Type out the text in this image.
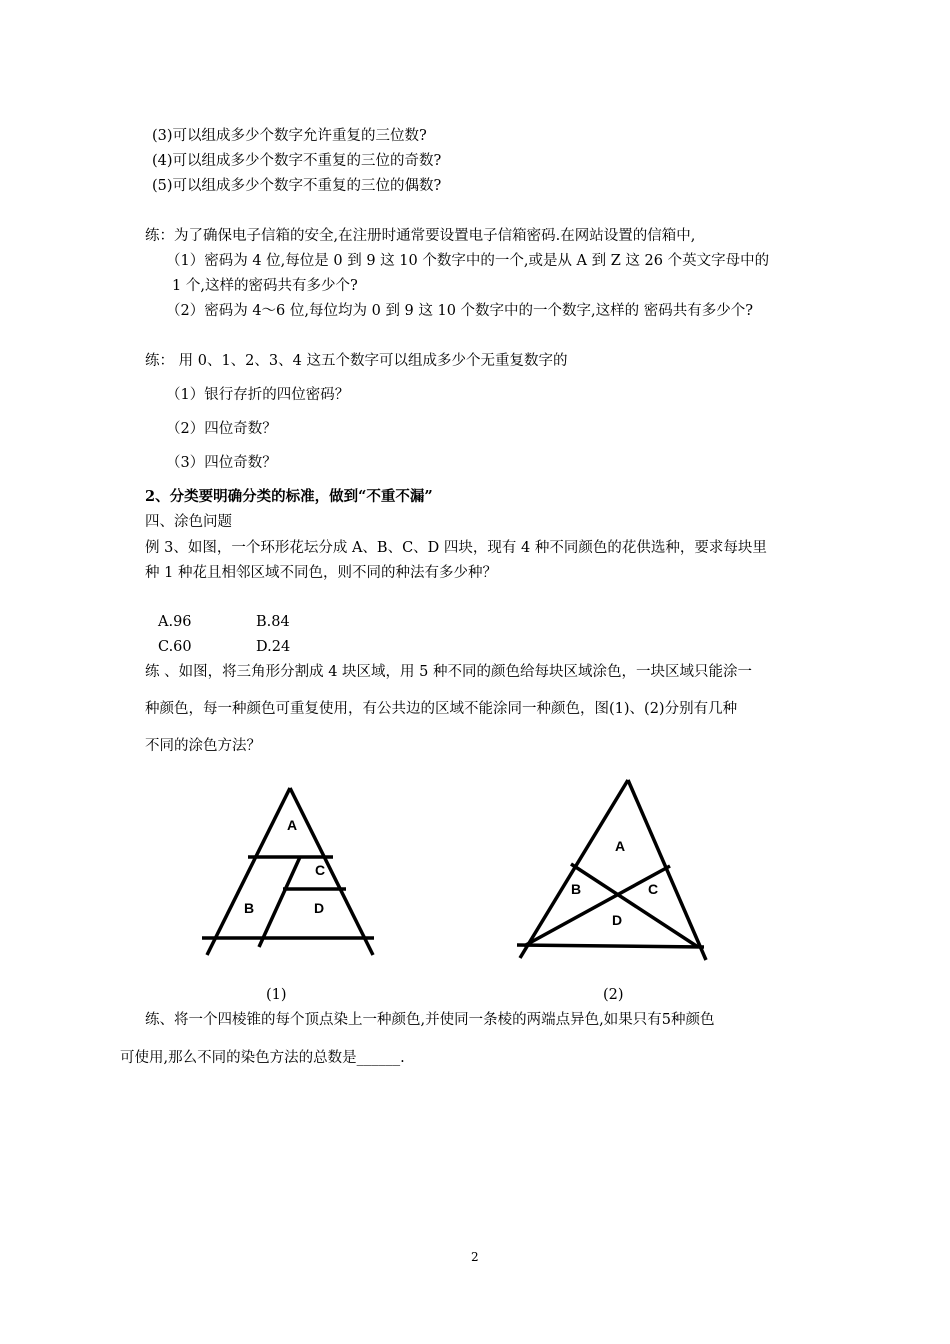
(3)可以组成多少个数字允许重复的三位数?
(4)可以组成多少个数字不重复的三位的奇数?
(5)可以组成多少个数字不重复的三位的偶数?
练：为了确保电子信箱的安全,在注册时通常要设置电子信箱密码.在网站设置的信箱中,
（1）密码为 4 位,每位是 0 到 9 这 10 个数字中的一个,或是从 A 到 Z 这 26 个英文字母中的
1 个,这样的密码共有多少个?
（2）密码为 4～6 位,每位均为 0 到 9 这 10 个数字中的一个数字,这样的 密码共有多少个?
练： 用 0、1、2、3、4 这五个数字可以组成多少个无重复数字的
（1）银行存折的四位密码？
（2）四位奇数？
（3）四位奇数？
2、分类要明确分类的标准，做到“不重不漏”
四、涂色问题
例 3、如图，一个环形花坛分成 A、B、C、D 四块，现有 4 种不同颜色的花供选种，要求每块里
种 1 种花且相邻区域不同色，则不同的种法有多少种？
A.96	B.84
C.60	D.24
练 、如图，将三角形分割成 4 块区域，用 5 种不同的颜色给每块区域涂色，一块区域只能涂一
种颜色，每一种颜色可重复使用，有公共边的区域不能涂同一种颜色，图(1)、(2)分别有几种
不同的涂色方法？
A
B
C
D
(1)
A
B	C
D
(2)
练、将一个四棱锥的每个顶点染上一种颜色,并使同一条棱的两端点异色,如果只有5种颜色
可使用,那么不同的染色方法的总数是______.
2
